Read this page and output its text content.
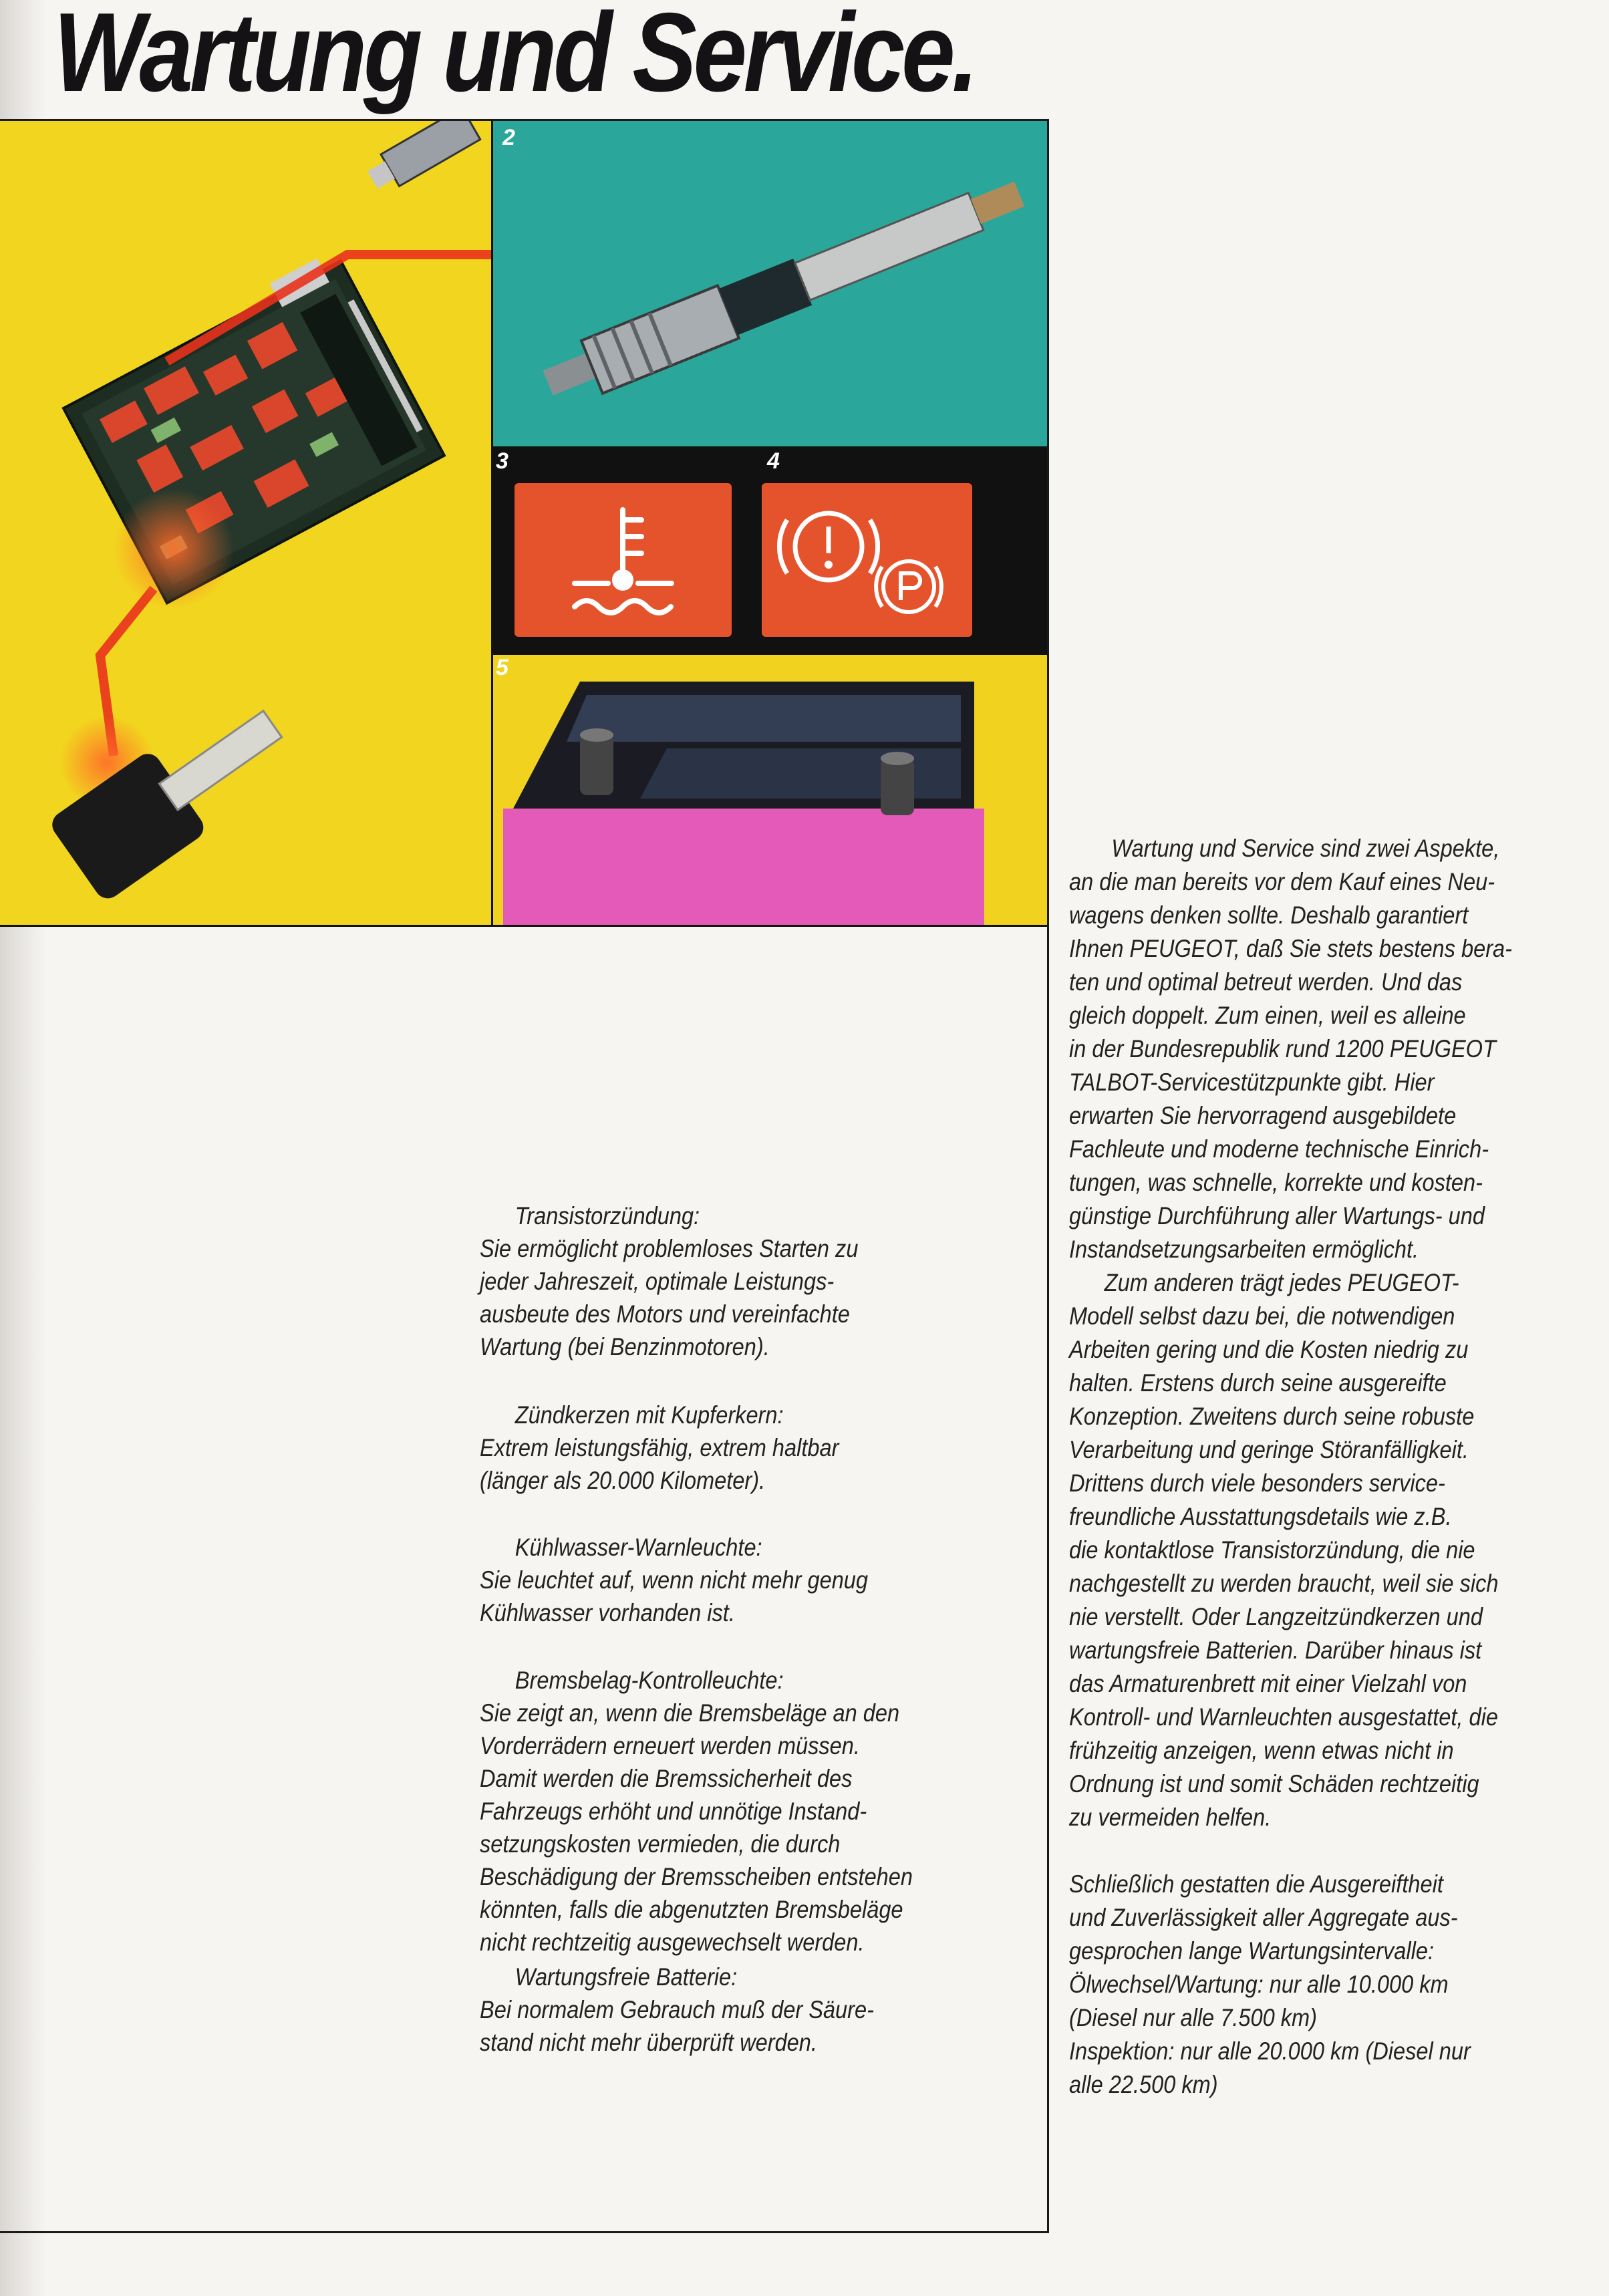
Wartung und Service.
2
3	4
5
Transistorzündung:
Sie ermöglicht problemloses Starten zu
jeder Jahreszeit, optimale Leistungs-
ausbeute des Motors und vereinfachte
Wartung (bei Benzinmotoren).
Zündkerzen mit Kupferkern:
Extrem leistungsfähig, extrem haltbar
(länger als 20.000 Kilometer).
Kühlwasser-Warnleuchte:
Sie leuchtet auf, wenn nicht mehr genug
Kühlwasser vorhanden ist.
Bremsbelag-Kontrolleuchte:
Sie zeigt an, wenn die Bremsbeläge an den
Vorderrädern erneuert werden müssen.
Damit werden die Bremssicherheit des
Fahrzeugs erhöht und unnötige Instand-
setzungskosten vermieden, die durch
Beschädigung der Bremsscheiben entstehen
könnten, falls die abgenutzten Bremsbeläge
nicht rechtzeitig ausgewechselt werden.
Wartungsfreie Batterie:
Bei normalem Gebrauch muß der Säure-
stand nicht mehr überprüft werden.

Wartung und Service sind zwei Aspekte,
an die man bereits vor dem Kauf eines Neu-
wagens denken sollte. Deshalb garantiert
Ihnen PEUGEOT, daß Sie stets bestens bera-
ten und optimal betreut werden. Und das
gleich doppelt. Zum einen, weil es alleine
in der Bundesrepublik rund 1200 PEUGEOT
TALBOT-Servicestützpunkte gibt. Hier
erwarten Sie hervorragend ausgebildete
Fachleute und moderne technische Einrich-
tungen, was schnelle, korrekte und kosten-
günstige Durchführung aller Wartungs- und
Instandsetzungsarbeiten ermöglicht.

Zum anderen trägt jedes PEUGEOT-
Modell selbst dazu bei, die notwendigen
Arbeiten gering und die Kosten niedrig zu
halten. Erstens durch seine ausgereifte
Konzeption. Zweitens durch seine robuste
Verarbeitung und geringe Störanfälligkeit.
Drittens durch viele besonders service-
freundliche Ausstattungsdetails wie z.B.
die kontaktlose Transistorzündung, die nie
nachgestellt zu werden braucht, weil sie sich
nie verstellt. Oder Langzeitzündkerzen und
wartungsfreie Batterien. Darüber hinaus ist
das Armaturenbrett mit einer Vielzahl von
Kontroll- und Warnleuchten ausgestattet, die
frühzeitig anzeigen, wenn etwas nicht in
Ordnung ist und somit Schäden rechtzeitig
zu vermeiden helfen.

Schließlich gestatten die Ausgereiftheit
und Zuverlässigkeit aller Aggregate aus-
gesprochen lange Wartungsintervalle:
Ölwechsel/Wartung: nur alle 10.000 km
(Diesel nur alle 7.500 km)
Inspektion: nur alle 20.000 km (Diesel nur
alle 22.500 km)
